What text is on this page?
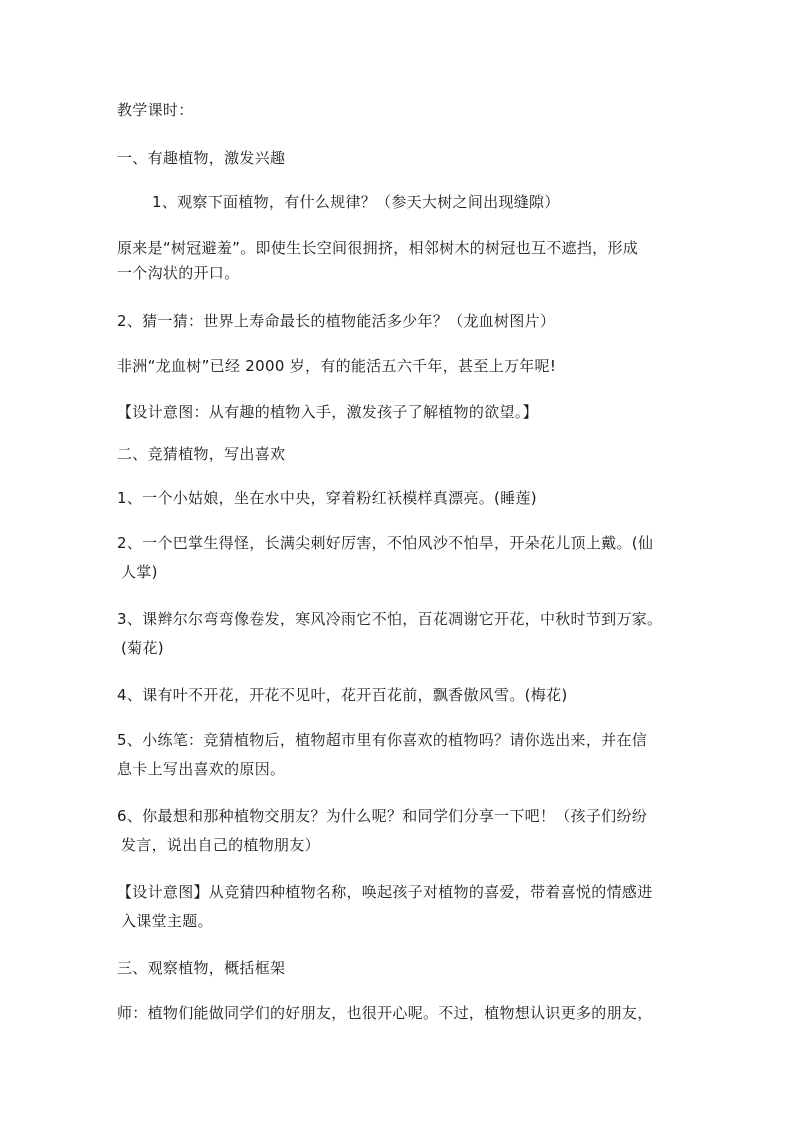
教学课时：
一、有趣植物，激发兴趣
1、观察下面植物，有什么规律？（参天大树之间出现缝隙）
原来是“树冠避羞”。即使生长空间很拥挤，相邻树木的树冠也互不遮挡，形成
一个沟状的开口。
2、猜一猜：世界上寿命最长的植物能活多少年？（龙血树图片）
非洲“龙血树”已经 2000 岁，有的能活五六千年，甚至上万年呢!
【设计意图：从有趣的植物入手，激发孩子了解植物的欲望。】
二、竞猜植物，写出喜欢
1、一个小姑娘，坐在水中央，穿着粉红袄模样真漂亮。(睡莲)
2、一个巴掌生得怪，长满尖刺好厉害，不怕风沙不怕旱，开朵花儿顶上戴。(仙
人掌)
3、课辫尔尔弯弯像卷发，寒风冷雨它不怕，百花凋谢它开花，中秋时节到万家。
(菊花)
4、课有叶不开花，开花不见叶，花开百花前，飘香傲风雪。(梅花)
5、小练笔：竞猜植物后，植物超市里有你喜欢的植物吗？请你选出来，并在信
息卡上写出喜欢的原因。
6、你最想和那种植物交朋友？为什么呢？和同学们分享一下吧！（孩子们纷纷
发言，说出自己的植物朋友）
【设计意图】从竞猜四种植物名称，唤起孩子对植物的喜爱，带着喜悦的情感进
入课堂主题。
三、观察植物，概括框架
师：植物们能做同学们的好朋友，也很开心呢。不过，植物想认识更多的朋友，
